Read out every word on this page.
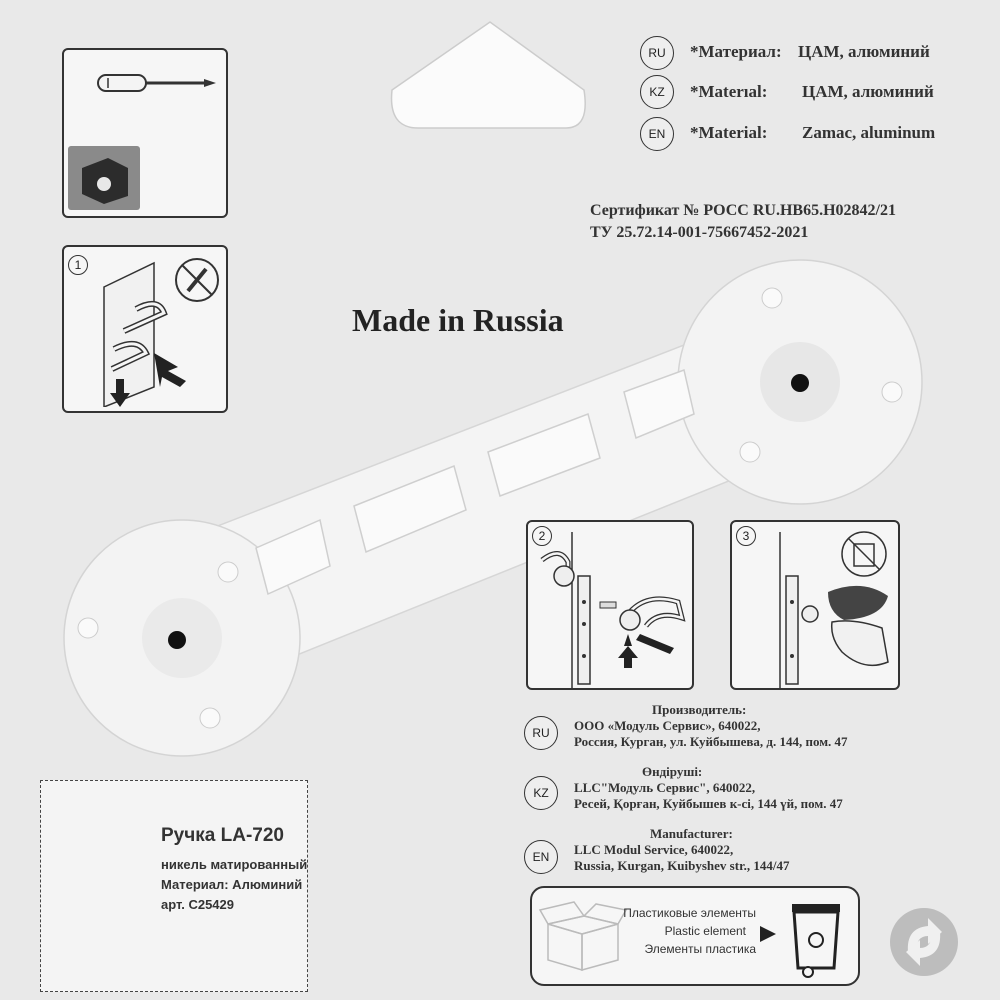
1
RU	*Материал: ЦАМ, алюминий
KZ	*Materıal: ЦАМ, алюминий
EN	*Material: Zamac, aluminum
Сертификат № РОСС RU.HB65.H02842/21
ТУ 25.72.14-001-75667452-2021
Made in Russia
2	3
RU
Производитель:
ООО «Модуль Сервис», 640022,
Россия, Курган, ул. Куйбышева, д. 144, пом. 47
KZ
Өндіруші:
LLC"Модуль Сервис", 640022,
Ресей, Қорған, Куйбышев к-сі, 144 үй, пом. 47
EN
Manufacturer:
LLC Modul Service, 640022,
Russia, Kurgan, Kuibyshev str., 144/47
Ручка LA-720
никель матированный
Материал: Алюминий
арт. C25429
Пластиковые элементы
Plastic element
Элементы пластика
